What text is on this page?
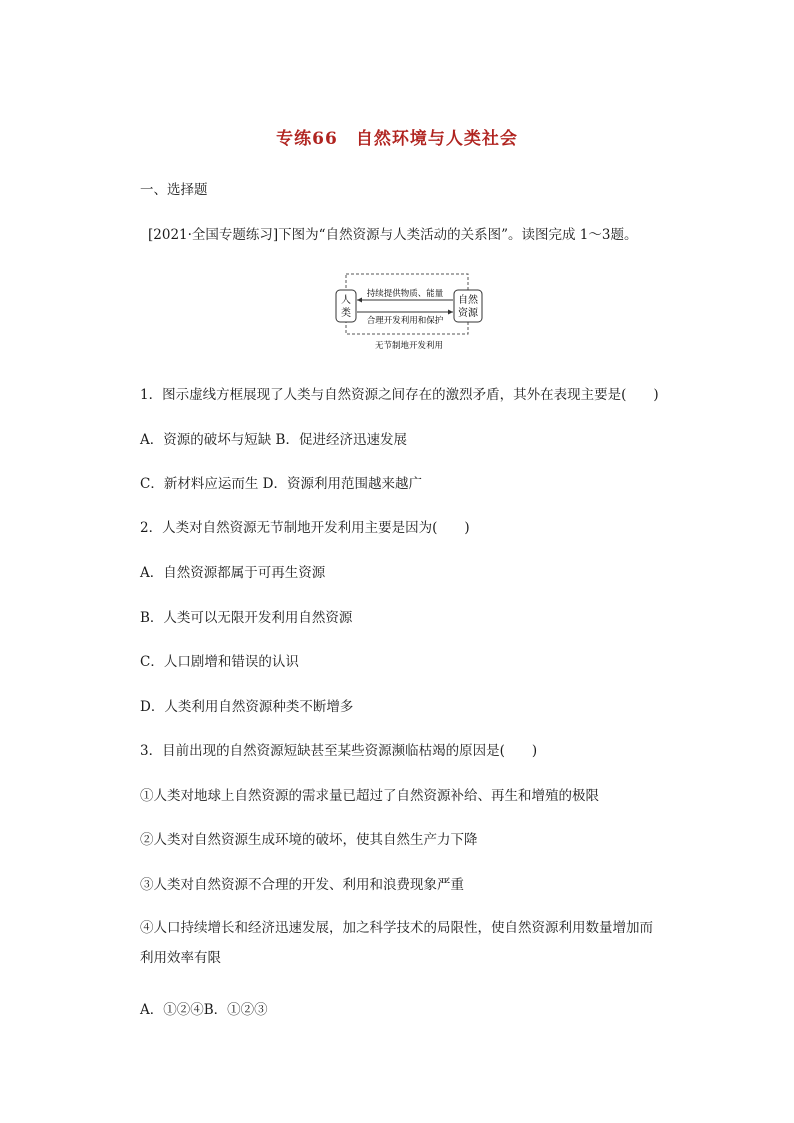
专练66　自然环境与人类社会
一、选择题
[2021·全国专题练习]下图为“自然资源与人类活动的关系图”。读图完成 1～3题。
人
类
自然
资源
持续提供物质、能量
合理开发利用和保护
无节制地开发利用
1．图示虚线方框展现了人类与自然资源之间存在的激烈矛盾，其外在表现主要是(　　)
A．资源的破坏与短缺 B．促进经济迅速发展
C．新材料应运而生 D．资源利用范围越来越广
2．人类对自然资源无节制地开发利用主要是因为(　　)
A．自然资源都属于可再生资源
B．人类可以无限开发利用自然资源
C．人口剧增和错误的认识
D．人类利用自然资源种类不断增多
3．目前出现的自然资源短缺甚至某些资源濒临枯竭的原因是(　　)
①人类对地球上自然资源的需求量已超过了自然资源补给、再生和增殖的极限
②人类对自然资源生成环境的破坏，使其自然生产力下降
③人类对自然资源不合理的开发、利用和浪费现象严重
④人口持续增长和经济迅速发展，加之科学技术的局限性，使自然资源利用数量增加而利用效率有限
A．①②④B．①②③
